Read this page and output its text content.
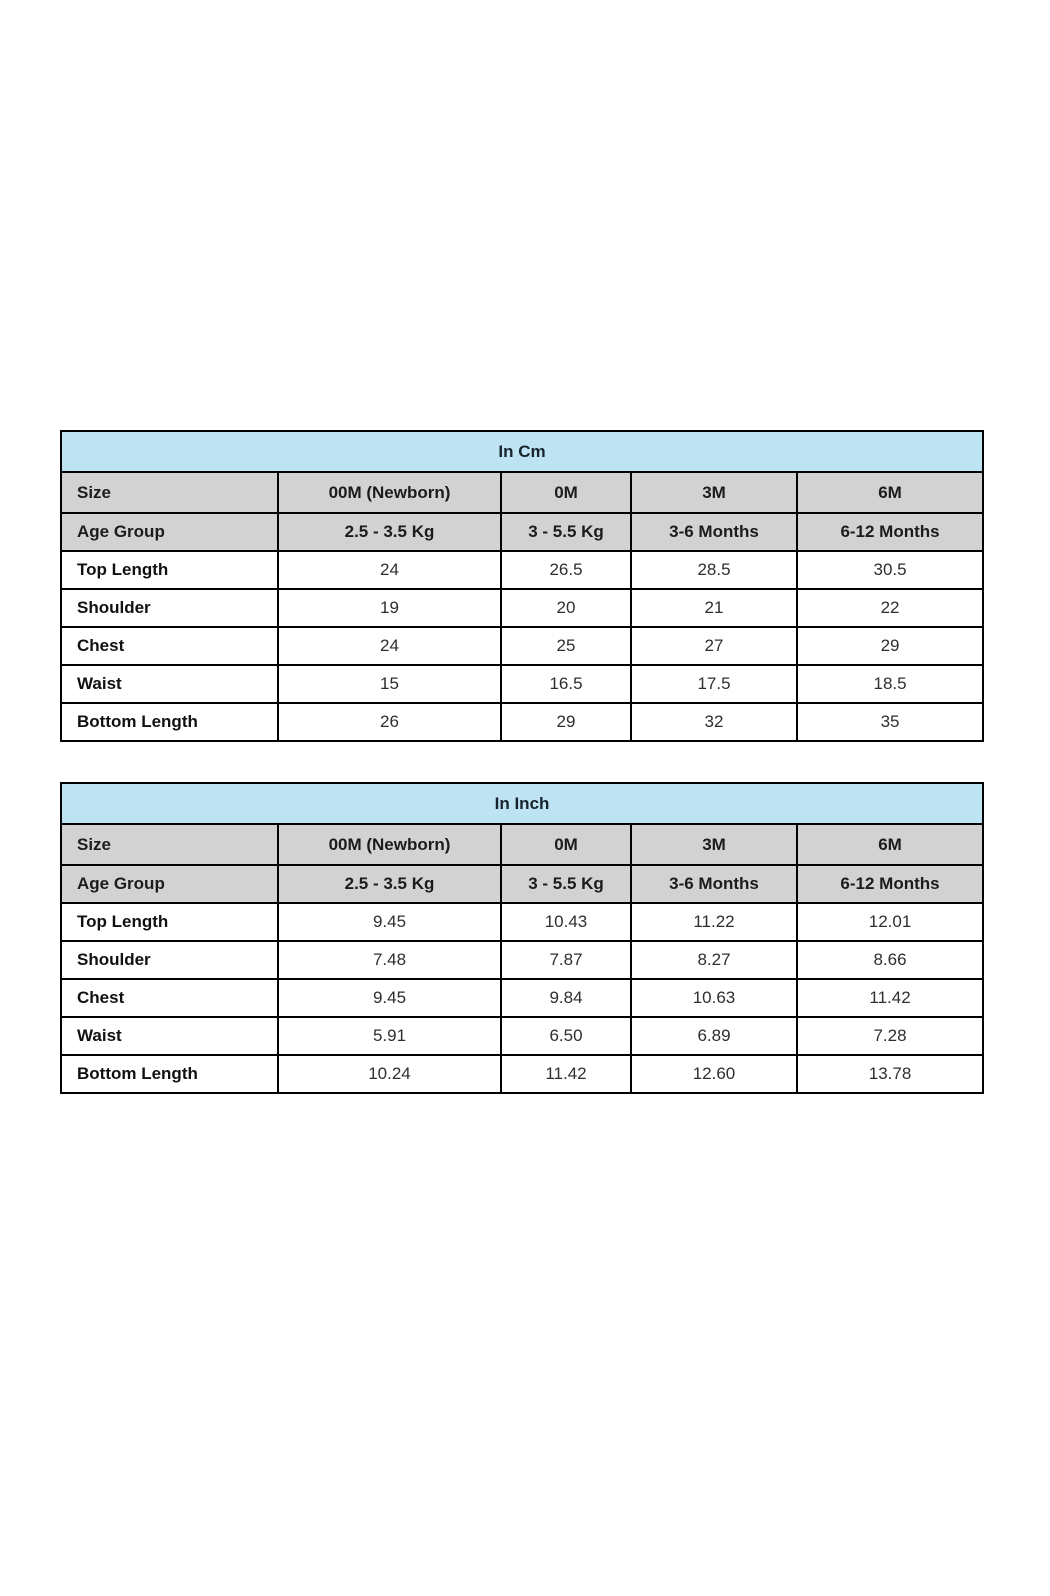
In Cm				
Size	00M (Newborn)	0M	3M	6M
Age Group	2.5 - 3.5 Kg	3 - 5.5 Kg	3-6 Months	6-12 Months
Top Length	24	26.5	28.5	30.5
Shoulder	19	20	21	22
Chest	24	25	27	29
Waist	15	16.5	17.5	18.5
Bottom Length	26	29	32	35
In Inch				
Size	00M (Newborn)	0M	3M	6M
Age Group	2.5 - 3.5 Kg	3 - 5.5 Kg	3-6 Months	6-12 Months
Top Length	9.45	10.43	11.22	12.01
Shoulder	7.48	7.87	8.27	8.66
Chest	9.45	9.84	10.63	11.42
Waist	5.91	6.50	6.89	7.28
Bottom Length	10.24	11.42	12.60	13.78
